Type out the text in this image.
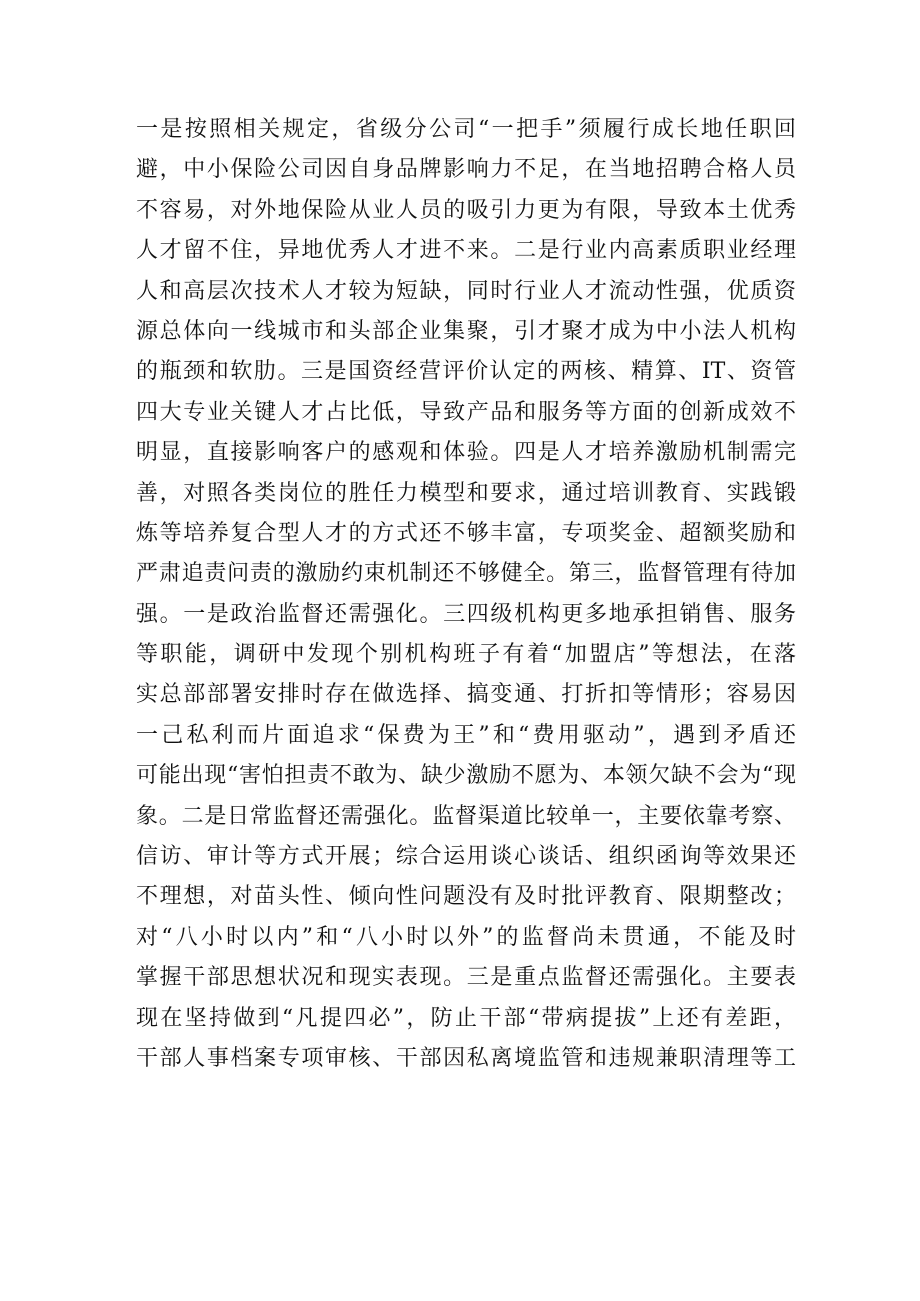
一是按照相关规定，省级分公司“一把手”须履行成长地任职回
避，中小保险公司因自身品牌影响力不足，在当地招聘合格人员
不容易，对外地保险从业人员的吸引力更为有限，导致本土优秀
人才留不住，异地优秀人才进不来。二是行业内高素质职业经理
人和高层次技术人才较为短缺，同时行业人才流动性强，优质资
源总体向一线城市和头部企业集聚，引才聚才成为中小法人机构
的瓶颈和软肋。三是国资经营评价认定的两核、精算、IT、资管
四大专业关键人才占比低，导致产品和服务等方面的创新成效不
明显，直接影响客户的感观和体验。四是人才培养激励机制需完
善，对照各类岗位的胜任力模型和要求，通过培训教育、实践锻
炼等培养复合型人才的方式还不够丰富，专项奖金、超额奖励和
严肃追责问责的激励约束机制还不够健全。第三，监督管理有待加
强。一是政治监督还需强化。三四级机构更多地承担销售、服务
等职能，调研中发现个别机构班子有着“加盟店”等想法，在落
实总部部署安排时存在做选择、搞变通、打折扣等情形；容易因
一己私利而片面追求“保费为王”和“费用驱动”，遇到矛盾还
可能出现“害怕担责不敢为、缺少激励不愿为、本领欠缺不会为“现
象。二是日常监督还需强化。监督渠道比较单一，主要依靠考察、
信访、审计等方式开展；综合运用谈心谈话、组织函询等效果还
不理想，对苗头性、倾向性问题没有及时批评教育、限期整改；
对“八小时以内”和“八小时以外”的监督尚未贯通，不能及时
掌握干部思想状况和现实表现。三是重点监督还需强化。主要表
现在坚持做到“凡提四必”，防止干部“带病提拔”上还有差距，
干部人事档案专项审核、干部因私离境监管和违规兼职清理等工
